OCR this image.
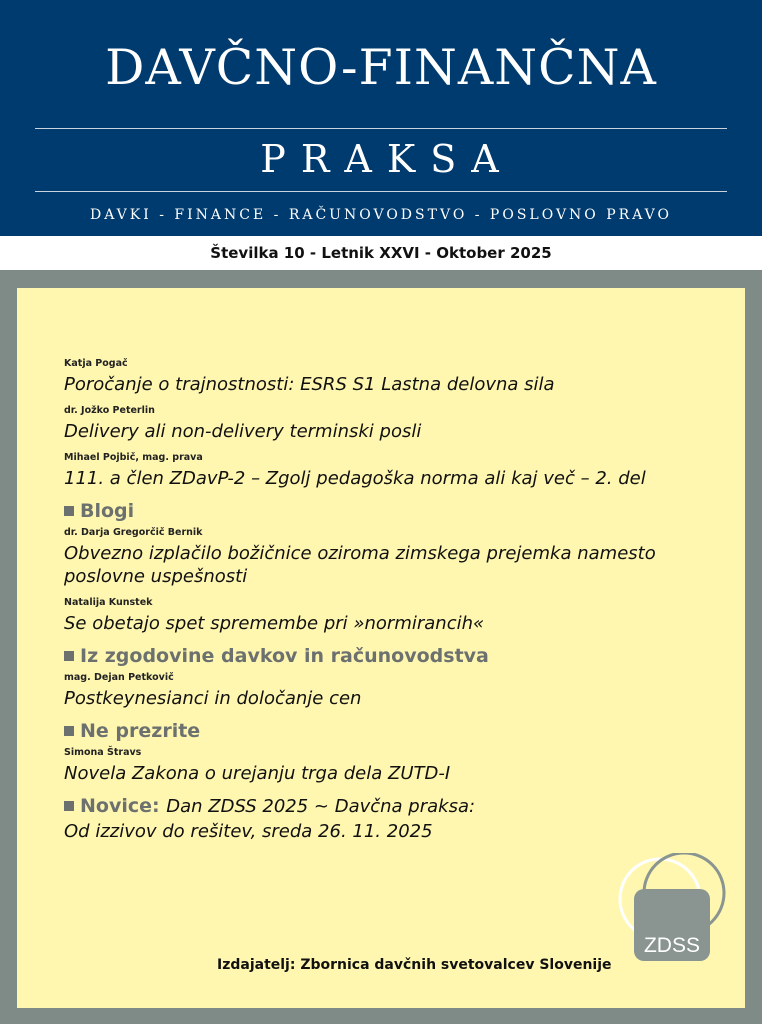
DAVČNO-FINANČNA
PRAKSA
DAVKI - FINANCE - RAČUNOVODSTVO - POSLOVNO PRAVO
Številka 10 - Letnik XXVI - Oktober 2025
Katja Pogač
Poročanje o trajnostnosti: ESRS S1 Lastna delovna sila
dr. Jožko Peterlin
Delivery ali non-delivery terminski posli
Mihael Pojbič, mag. prava
111. a člen ZDavP-2 – Zgolj pedagoška norma ali kaj več – 2. del
Blogi
dr. Darja Gregorčič Bernik
Obvezno izplačilo božičnice oziroma zimskega prejemka namesto poslovne uspešnosti
Natalija Kunstek
Se obetajo spet spremembe pri »normirancih«
Iz zgodovine davkov in računovodstva
mag. Dejan Petkovič
Postkeynesianci in določanje cen
Ne prezrite
Simona Štravs
Novela Zakona o urejanju trga dela ZUTD-I
Novice: Dan ZDSS 2025 ~ Davčna praksa: Od izzivov do rešitev, sreda 26. 11. 2025
ZDSS
Izdajatelj: Zbornica davčnih svetovalcev Slovenije
